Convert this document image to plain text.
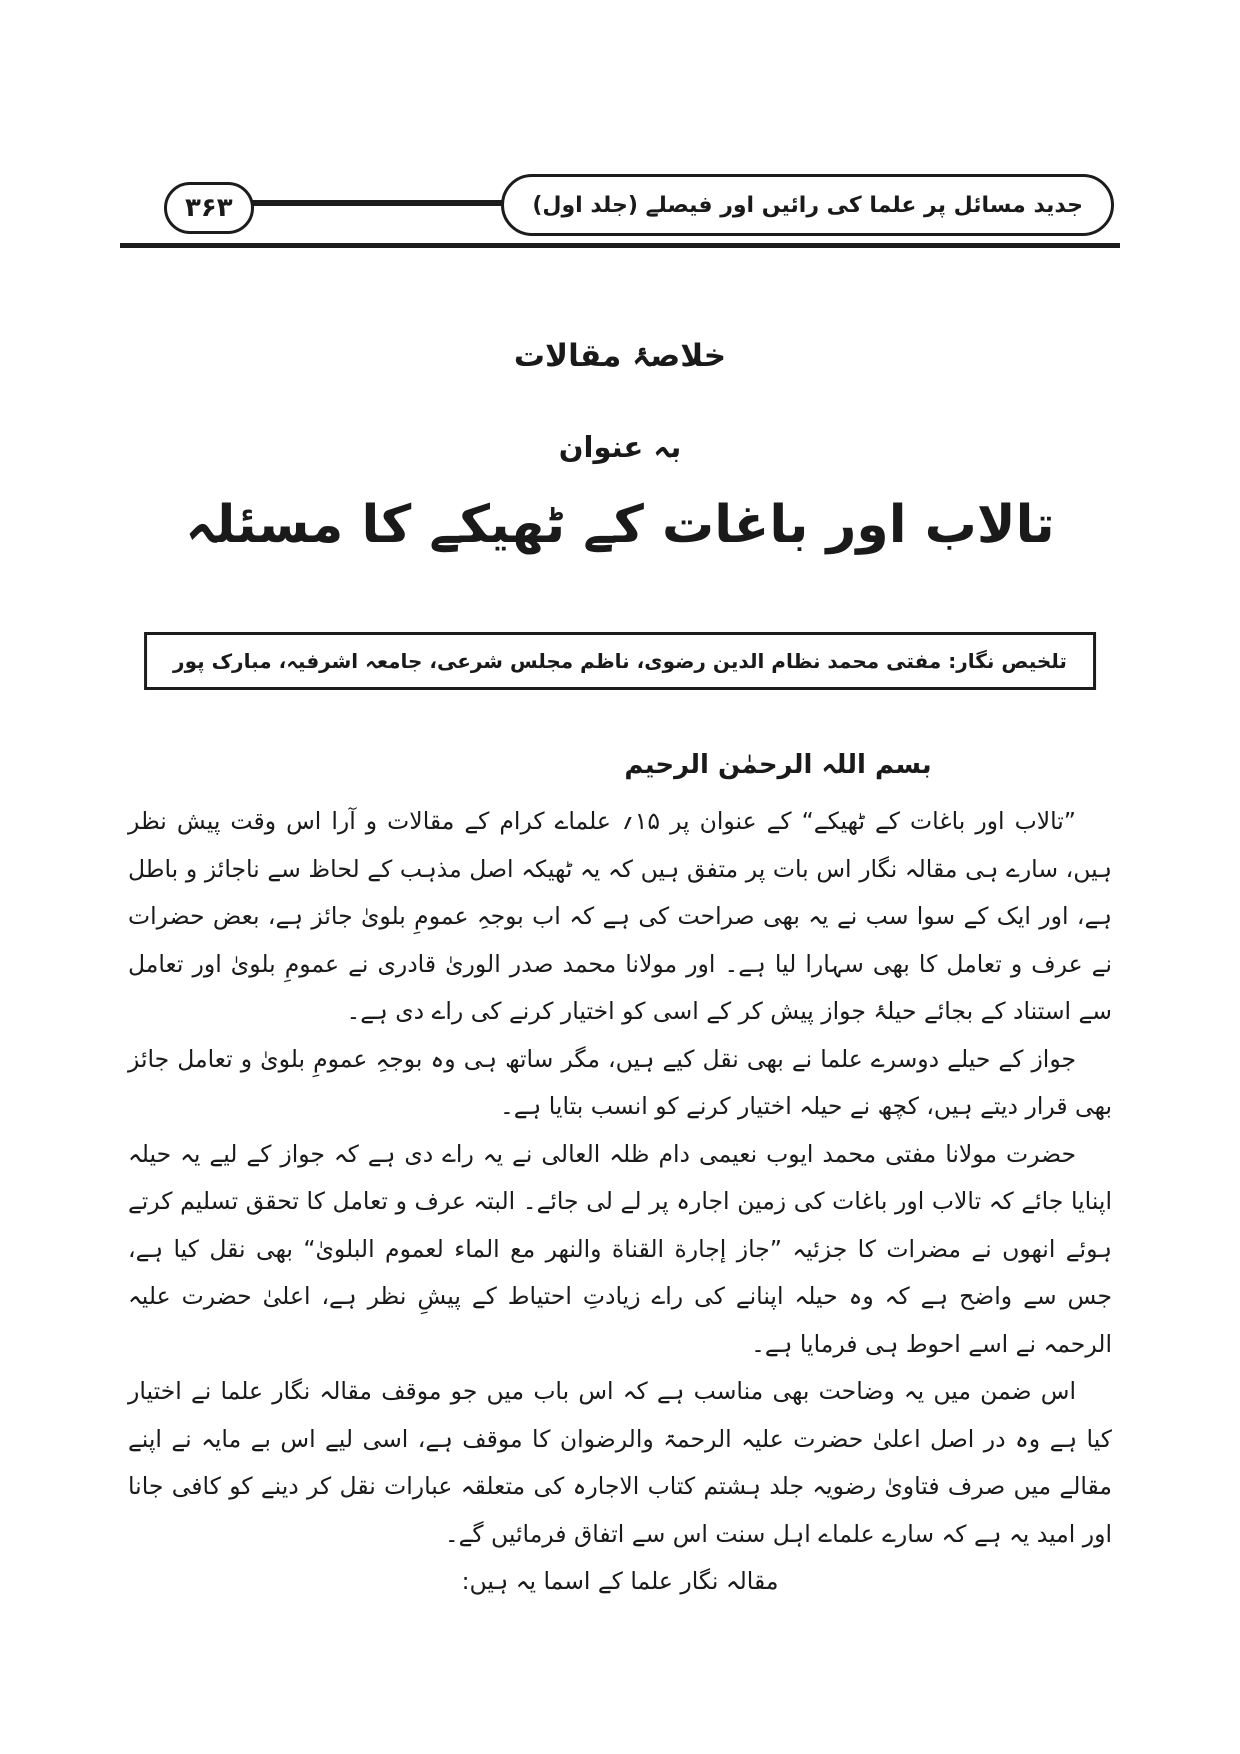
۳۶۳	جدید مسائل پر علما کی رائیں اور فیصلے (جلد اول)
خلاصۂ مقالات
بہ عنوان
تالاب اور باغات کے ٹھیکے کا مسئلہ
تلخیص نگار: مفتی محمد نظام الدین رضوی، ناظم مجلس شرعی، جامعہ اشرفیہ، مبارک پور
بسم اللہ الرحمٰن الرحیم

”تالاب اور باغات کے ٹھیکے“ کے عنوان پر ۱۵؍ علماے کرام کے مقالات و آرا اس وقت پیش نظر ہیں، سارے ہی مقالہ نگار اس بات پر متفق ہیں کہ یہ ٹھیکہ اصل مذہب کے لحاظ سے ناجائز و باطل ہے، اور ایک کے سوا سب نے یہ بھی صراحت کی ہے کہ اب بوجہِ عمومِ بلویٰ جائز ہے، بعض حضرات نے عرف و تعامل کا بھی سہارا لیا ہے۔ اور مولانا محمد صدر الوریٰ قادری نے عمومِ بلویٰ اور تعامل سے استناد کے بجائے حیلۂ جواز پیش کر کے اسی کو اختیار کرنے کی راے دی ہے۔

جواز کے حیلے دوسرے علما نے بھی نقل کیے ہیں، مگر ساتھ ہی وہ بوجہِ عمومِ بلویٰ و تعامل جائز بھی قرار دیتے ہیں، کچھ نے حیلہ اختیار کرنے کو انسب بتایا ہے۔

حضرت مولانا مفتی محمد ایوب نعیمی دام ظلہ العالی نے یہ راے دی ہے کہ جواز کے لیے یہ حیلہ اپنایا جائے کہ تالاب اور باغات کی زمین اجارہ پر لے لی جائے۔ البتہ عرف و تعامل کا تحقق تسلیم کرتے ہوئے انھوں نے مضرات کا جزئیہ ”جاز إجارة القناة والنهر مع الماء لعموم البلوىٰ“ بھی نقل کیا ہے، جس سے واضح ہے کہ وہ حیلہ اپنانے کی راے زیادتِ احتیاط کے پیشِ نظر ہے، اعلیٰ حضرت علیہ الرحمہ نے اسے احوط ہی فرمایا ہے۔

اس ضمن میں یہ وضاحت بھی مناسب ہے کہ اس باب میں جو موقف مقالہ نگار علما نے اختیار کیا ہے وہ در اصل اعلیٰ حضرت علیہ الرحمۃ والرضوان کا موقف ہے، اسی لیے اس بے مایہ نے اپنے مقالے میں صرف فتاویٰ رضویہ جلد ہشتم کتاب الاجارہ کی متعلقہ عبارات نقل کر دینے کو کافی جانا اور امید یہ ہے کہ سارے علماے اہل سنت اس سے اتفاق فرمائیں گے۔

مقالہ نگار علما کے اسما یہ ہیں:
